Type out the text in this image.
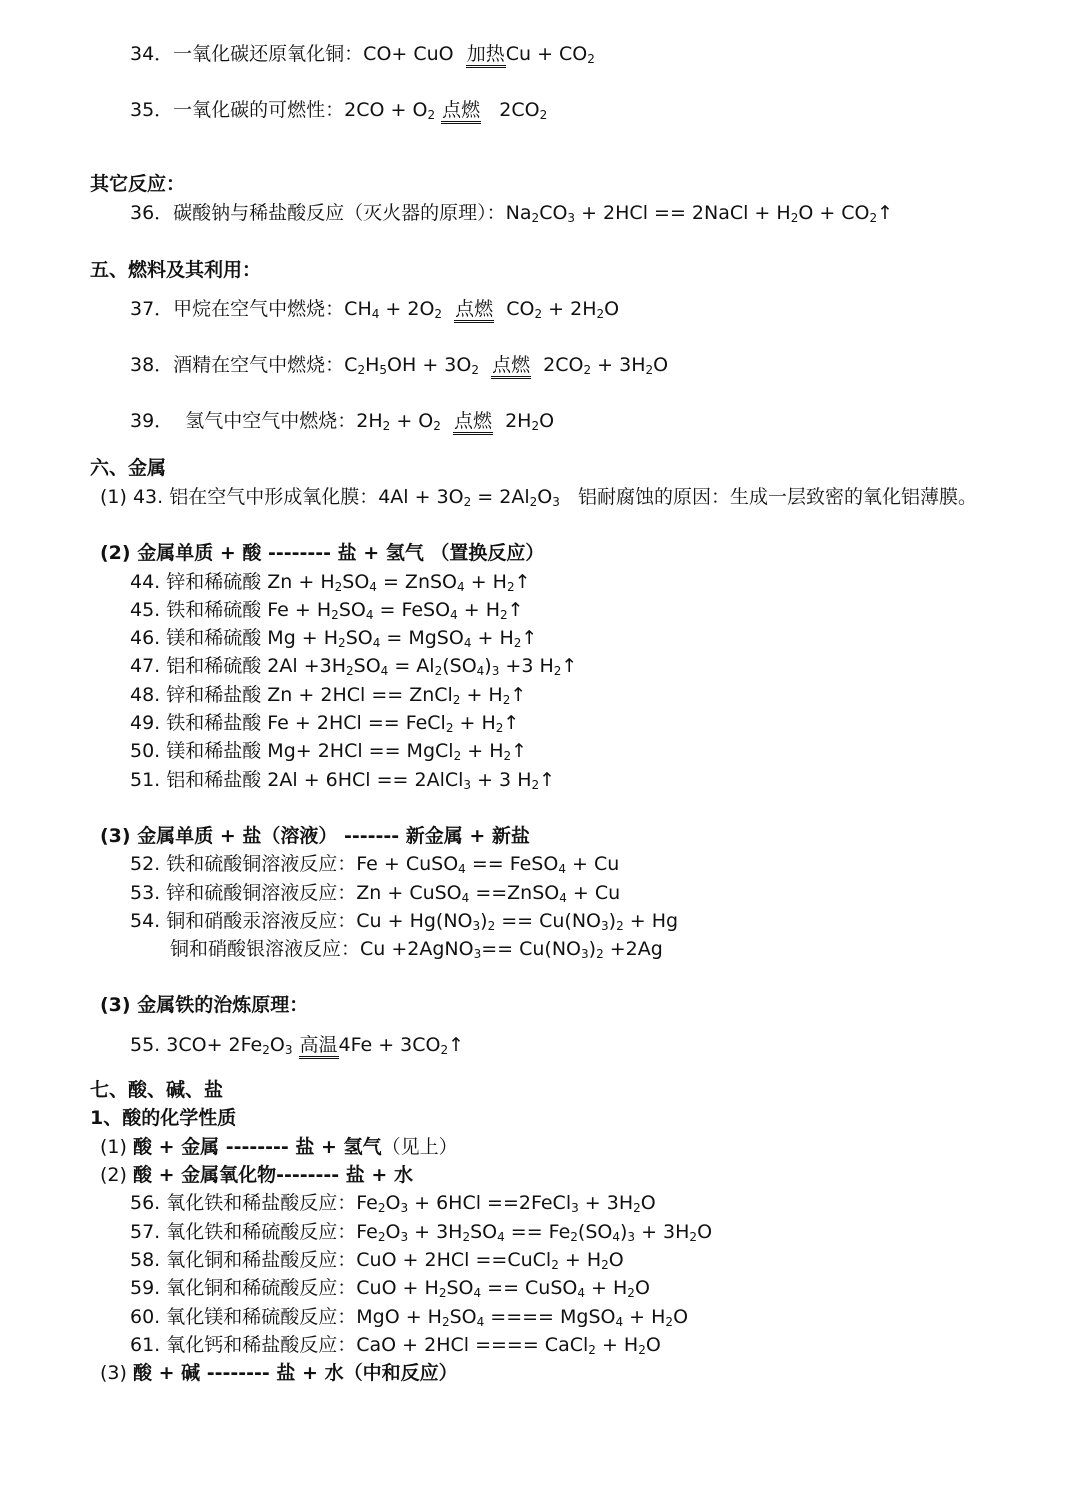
34．一氧化碳还原氧化铜：CO+ CuO  加热$Cu + CO_2$
35．一氧化碳的可燃性：$2CO + O_2$ 点燃   $2CO_2$
其它反应：
36．碳酸钠与稀盐酸反应（灭火器的原理）：$Na_2CO_3 + 2HCl$ == 2NaCl + $H_2O$ + $CO_2↑$
五、燃料及其利用：
37．甲烷在空气中燃烧：$CH_4 + 2O_2$ 点燃  $CO_2 + 2H_2O$
38．酒精在空气中燃烧：$C_2H_5OH + 3O_2$ 点燃  $2CO_2 + 3H_2O$
39．  氢气中空气中燃烧：$2H_2 + O_2$ 点燃  $2H_2O$
六、金属
(1) 43. 铝在空气中形成氧化膜：$4Al + 3O_2 = 2Al_2O_3$   铝耐腐蚀的原因：生成一层致密的氧化铝薄膜。
(2) 金属单质 + 酸 -------- 盐 + 氢气 （置换反应）
44. 锌和稀硫酸 $Zn + H_2SO_4$ = ZnSO$_4$ + $H_2↑$
45. 铁和稀硫酸 $Fe + H_2SO_4$ = FeSO$_4$ + $H_2↑$
46. 镁和稀硫酸 $Mg + H_2SO_4$ = MgSO$_4$ + $H_2↑$
47. 铝和稀硫酸 $2Al +3H_2SO_4 = Al_2(SO_4)_3 +3$ $H_2↑$
48. 锌和稀盐酸 Zn + 2HCl == ZnCl$_2$ + $H_2↑$
49. 铁和稀盐酸 Fe + 2HCl == FeCl$_2$ + $H_2↑$
50. 镁和稀盐酸 Mg+ 2HCl == MgCl$_2$ + $H_2↑$
51. 铝和稀盐酸 2Al + 6HCl == 2AlCl$_3$ + 3 $H_2↑$
(3) 金属单质 + 盐（溶液） ------- 新金属 + 新盐
52. 铁和硫酸铜溶液反应：Fe + CuSO$_4$ == FeSO$_4$ + Cu
53. 锌和硫酸铜溶液反应：Zn + CuSO$_4$ ==ZnSO$_4$ + Cu
54. 铜和硝酸汞溶液反应：$Cu + Hg(NO_3)_2 == Cu(NO_3)_2 + Hg$
铜和硝酸银溶液反应：Cu +2AgNO$_3$== $Cu(NO_3)_2 +2Ag$
(3) 金属铁的治炼原理：
55. $3CO+ 2Fe_2O_3$ 高温$4Fe + 3CO_2↑$
七、酸、碱、盐
1、酸的化学性质
(1) 酸 + 金属 -------- 盐 + 氢气（见上）
(2) 酸 + 金属氧化物-------- 盐 + 水
56. 氧化铁和稀盐酸反应：$Fe_2O_3 + 6HCl$ ==2FeCl$_3$ + $3H_2O$
57. 氧化铁和稀硫酸反应：$Fe_2O_3 + 3H_2SO_4 == Fe_2(SO_4)_3 + 3H_2O$
58. 氧化铜和稀盐酸反应：CuO + 2HCl ==CuCl$_2$ + $H_2O$
59. 氧化铜和稀硫酸反应：CuO + $H_2SO_4$ == CuSO$_4$ + $H_2O$
60. 氧化镁和稀硫酸反应：MgO + $H_2SO_4$ ==== MgSO$_4$ + $H_2O$
61. 氧化钙和稀盐酸反应：CaO + 2HCl ==== CaCl$_2$ + $H_2O$
(3) 酸 + 碱 -------- 盐 + 水（中和反应）
